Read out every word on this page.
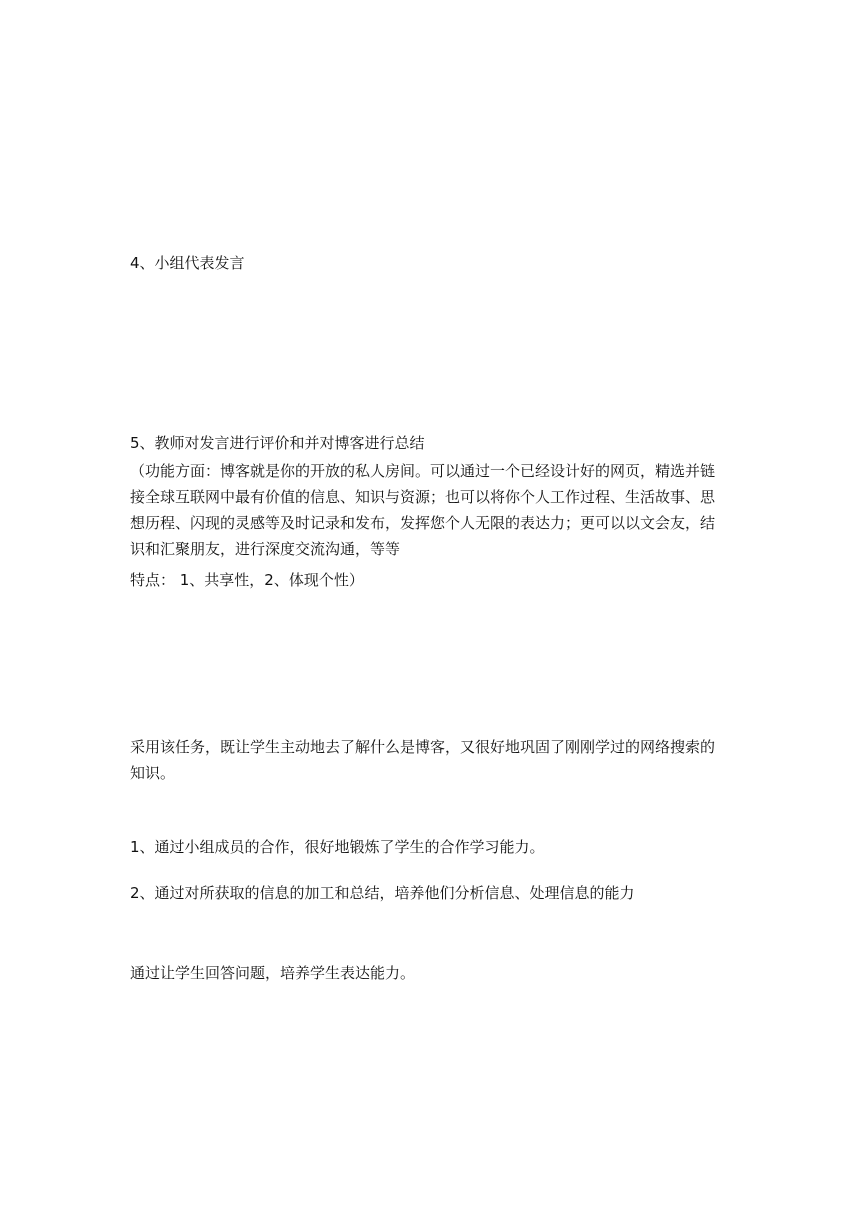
4、小组代表发言

5、教师对发言进行评价和并对博客进行总结

（功能方面：博客就是你的开放的私人房间。可以通过一个已经设计好的网页，精选并链

接全球互联网中最有价值的信息、知识与资源；也可以将你个人工作过程、生活故事、思

想历程、闪现的灵感等及时记录和发布，发挥您个人无限的表达力；更可以以文会友，结

识和汇聚朋友，进行深度交流沟通，等等

特点： 1、共享性，2、体现个性）

采用该任务，既让学生主动地去了解什么是博客，又很好地巩固了刚刚学过的网络搜索的

知识。

1、通过小组成员的合作，很好地锻炼了学生的合作学习能力。

2、通过对所获取的信息的加工和总结，培养他们分析信息、处理信息的能力

通过让学生回答问题，培养学生表达能力。
